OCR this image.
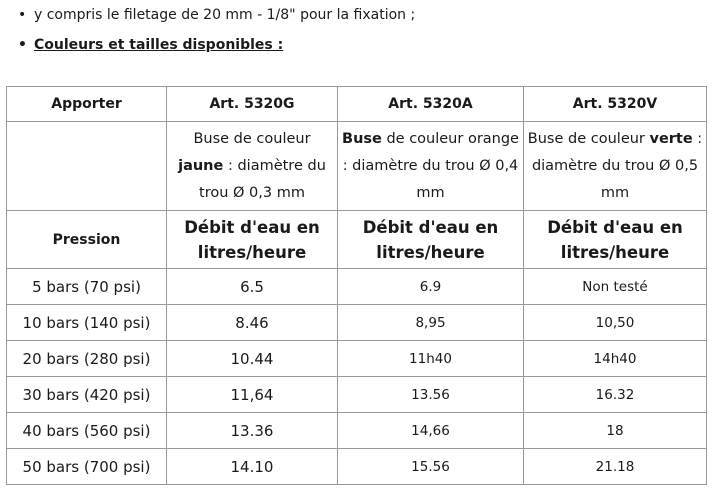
• y compris le filetage de 20 mm - 1/8" pour la fixation ;
• Couleurs et tailles disponibles :
Apporter	Art. 5320G	Art. 5320A	Art. 5320V
	Buse de couleur jaune : diamètre du trou Ø 0,3 mm	Buse de couleur orange : diamètre du trou Ø 0,4 mm	Buse de couleur verte : diamètre du trou Ø 0,5 mm
Pression	Débit d'eau en litres/heure	Débit d'eau en litres/heure	Débit d'eau en litres/heure
5 bars (70 psi)	6.5	6.9	Non testé
10 bars (140 psi)	8.46	8,95	10,50
20 bars (280 psi)	10.44	11h40	14h40
30 bars (420 psi)	11,64	13.56	16.32
40 bars (560 psi)	13.36	14,66	18
50 bars (700 psi)	14.10	15.56	21.18
